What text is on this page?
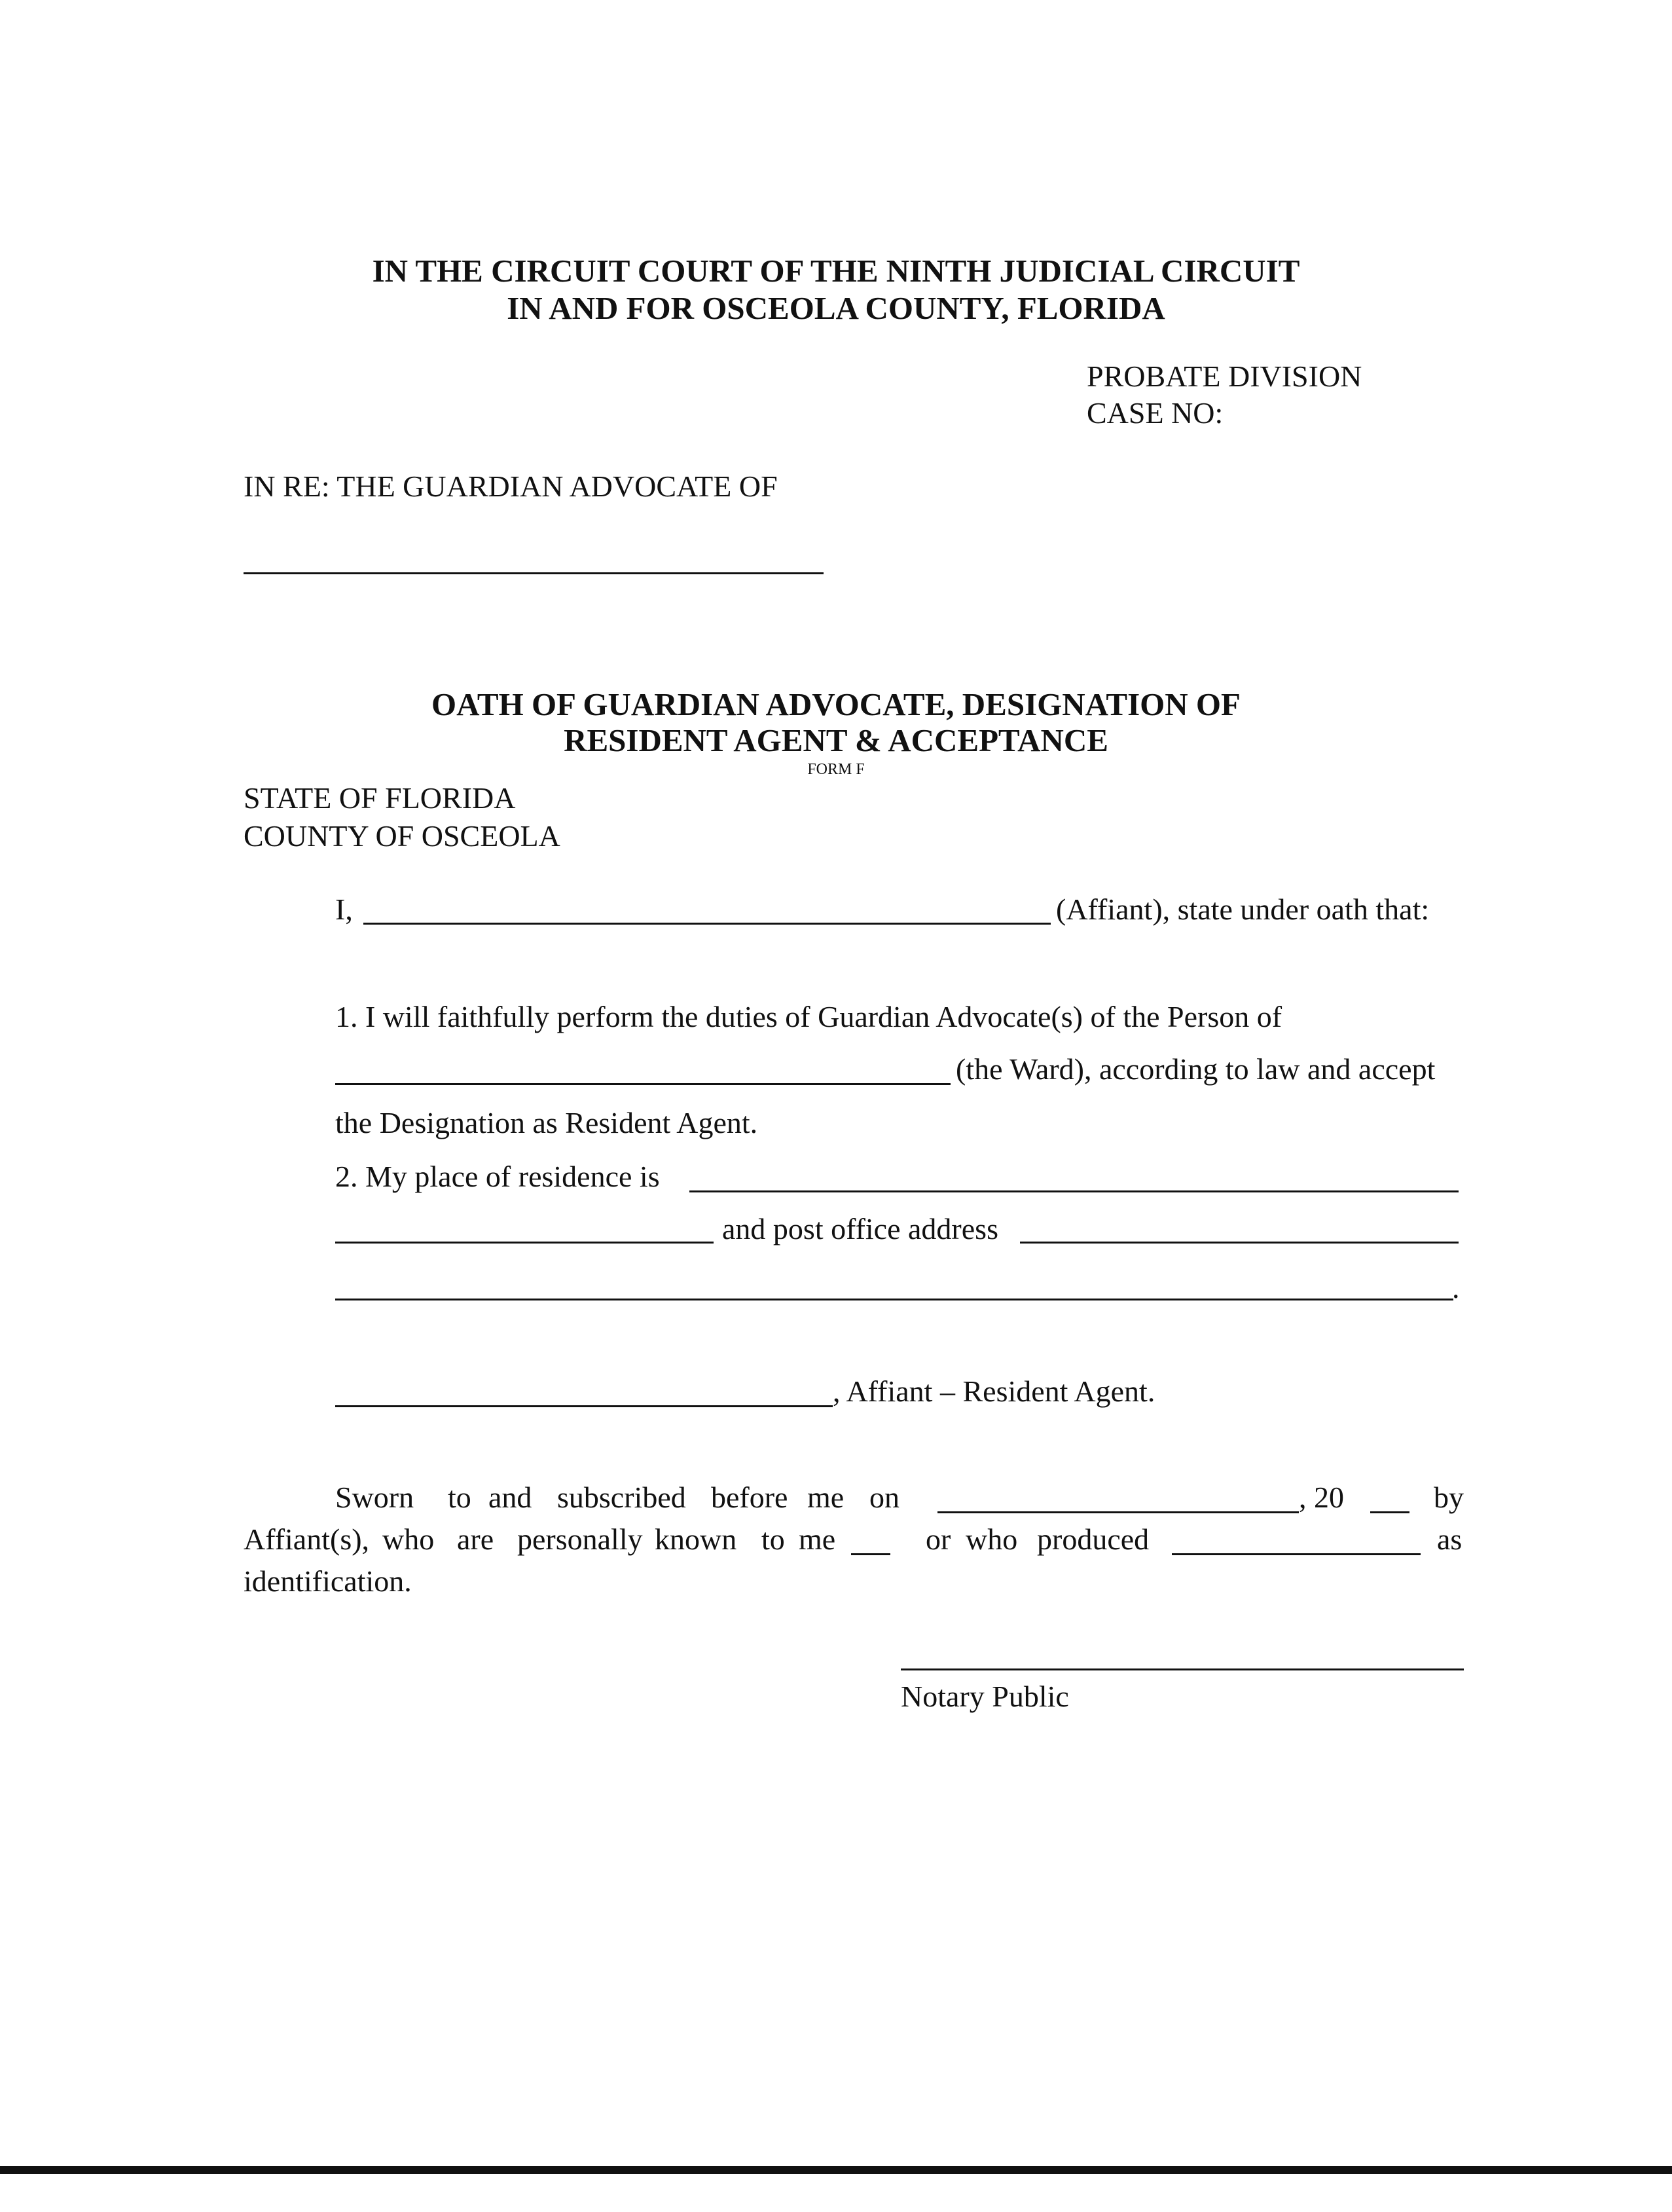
IN THE CIRCUIT COURT OF THE NINTH JUDICIAL CIRCUIT
IN AND FOR OSCEOLA COUNTY, FLORIDA
PROBATE DIVISION
CASE NO:
IN RE: THE GUARDIAN ADVOCATE OF
OATH OF GUARDIAN ADVOCATE, DESIGNATION OF
RESIDENT AGENT & ACCEPTANCE
FORM F
STATE OF FLORIDA
COUNTY OF OSCEOLA
I,	(Affiant), state under oath that:
1. I will faithfully perform the duties of Guardian Advocate(s) of the Person of
(the Ward), according to law and accept
the Designation as Resident Agent.
2. My place of residence is
and post office address
.
, Affiant – Resident Agent.
Sworn to and subscribed before me on	, 20	by
Affiant(s), who are personally known to me	or who produced	as
identification.
Notary Public
